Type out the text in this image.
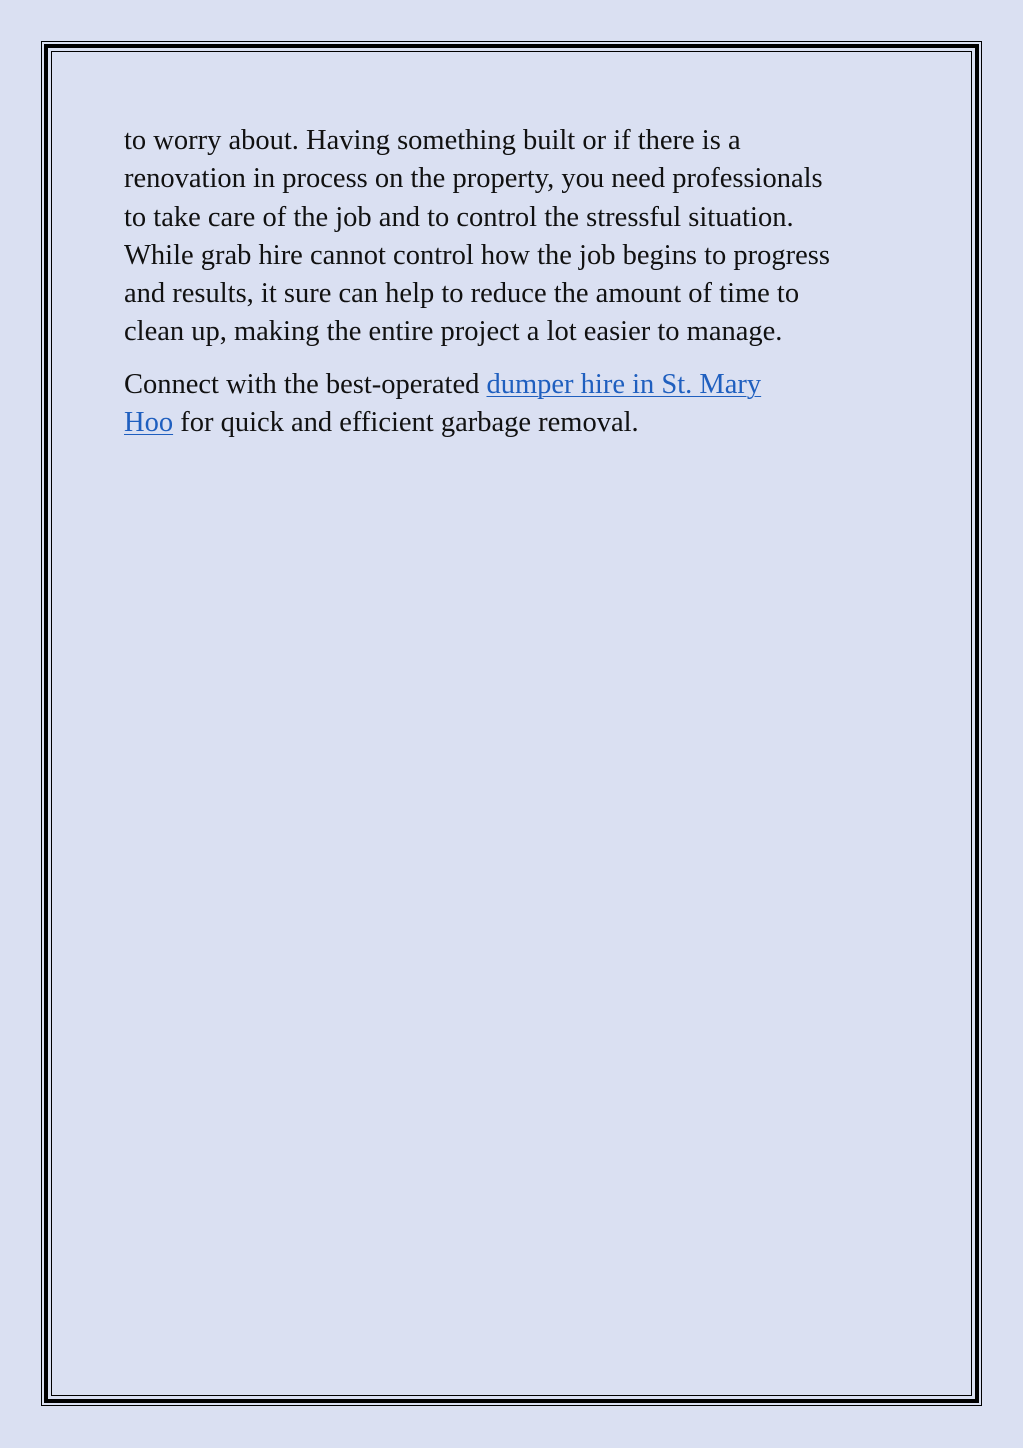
to worry about. Having something built or if there is a
renovation in process on the property, you need professionals
to take care of the job and to control the stressful situation.
While grab hire cannot control how the job begins to progress
and results, it sure can help to reduce the amount of time to
clean up, making the entire project a lot easier to manage.

Connect with the best-operated dumper hire in St. Mary
Hoo for quick and efficient garbage removal.
